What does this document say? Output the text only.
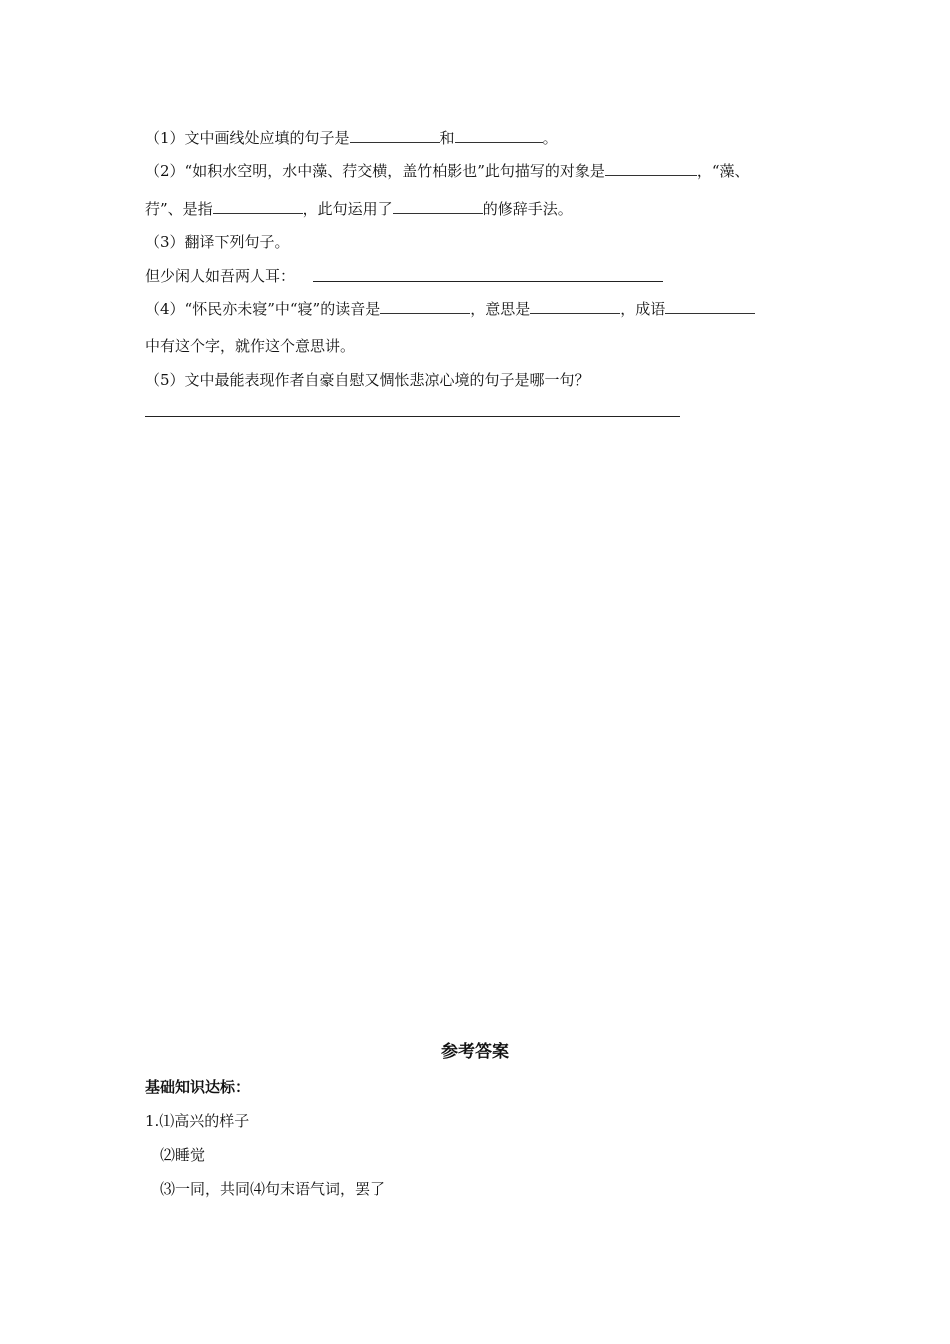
（1）文中画线处应填的句子是	和	。
（2）“如积水空明，水中藻、荇交横，盖竹柏影也”此句描写的对象是	，“藻、
荇”、是指	，此句运用了	的修辞手法。
（3）翻译下列句子。
但少闲人如吾两人耳：
（4）“怀民亦未寝”中“寝”的读音是	，意思是	，成语
中有这个字，就作这个意思讲。
（5）文中最能表现作者自豪自慰又惆怅悲凉心境的句子是哪一句？
参考答案
基础知识达标：
1.⑴高兴的样子
⑵睡觉
⑶一同，共同⑷句末语气词，罢了
